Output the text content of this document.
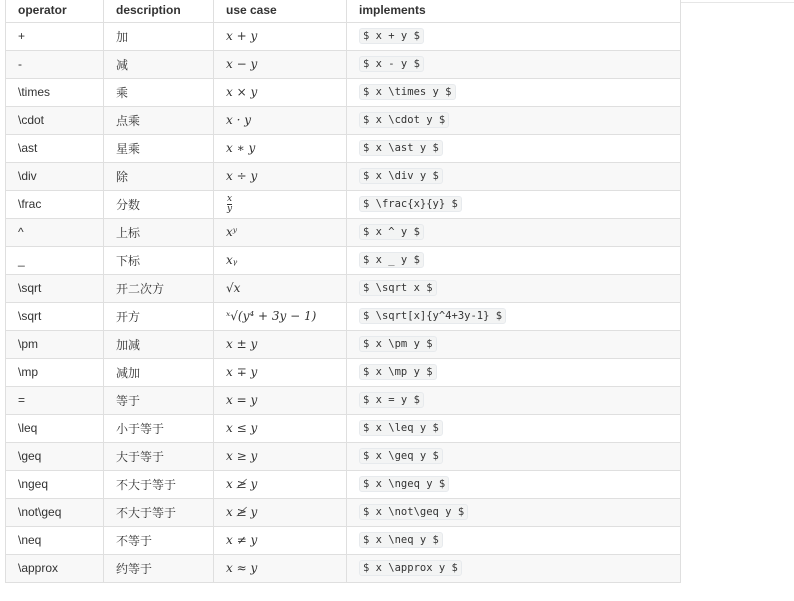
operator	description	use case	implements
+	加	x + y	$ x + y $
-	减	x − y	$ x - y $
\times	乘	x × y	$ x \times y $
\cdot	点乘	x · y	$ x \cdot y $
\ast	星乘	x ∗ y	$ x \ast y $
\div	除	x ÷ y	$ x \div y $
\frac	分数	$\frac{x}{y}$	$ \frac{x}{y} $
^	上标	xʸ	$ x ^ y $
_	下标	xᵧ	$ x _ y $
\sqrt	开二次方	√x	$ \sqrt x $
\sqrt	开方	ˣ√(y⁴ + 3y − 1)	$ \sqrt[x]{y^4+3y-1} $
\pm	加减	x ± y	$ x \pm y $
\mp	减加	x ∓ y	$ x \mp y $
=	等于	x = y	$ x = y $
\leq	小于等于	x ≤ y	$ x \leq y $
\geq	大于等于	x ≥ y	$ x \geq y $
\ngeq	不大于等于	x ≱ y	$ x \ngeq y $
\not\geq	不大于等于	x ≱ y	$ x \not\geq y $
\neq	不等于	x ≠ y	$ x \neq y $
\approx	约等于	x ≈ y	$ x \approx y $
